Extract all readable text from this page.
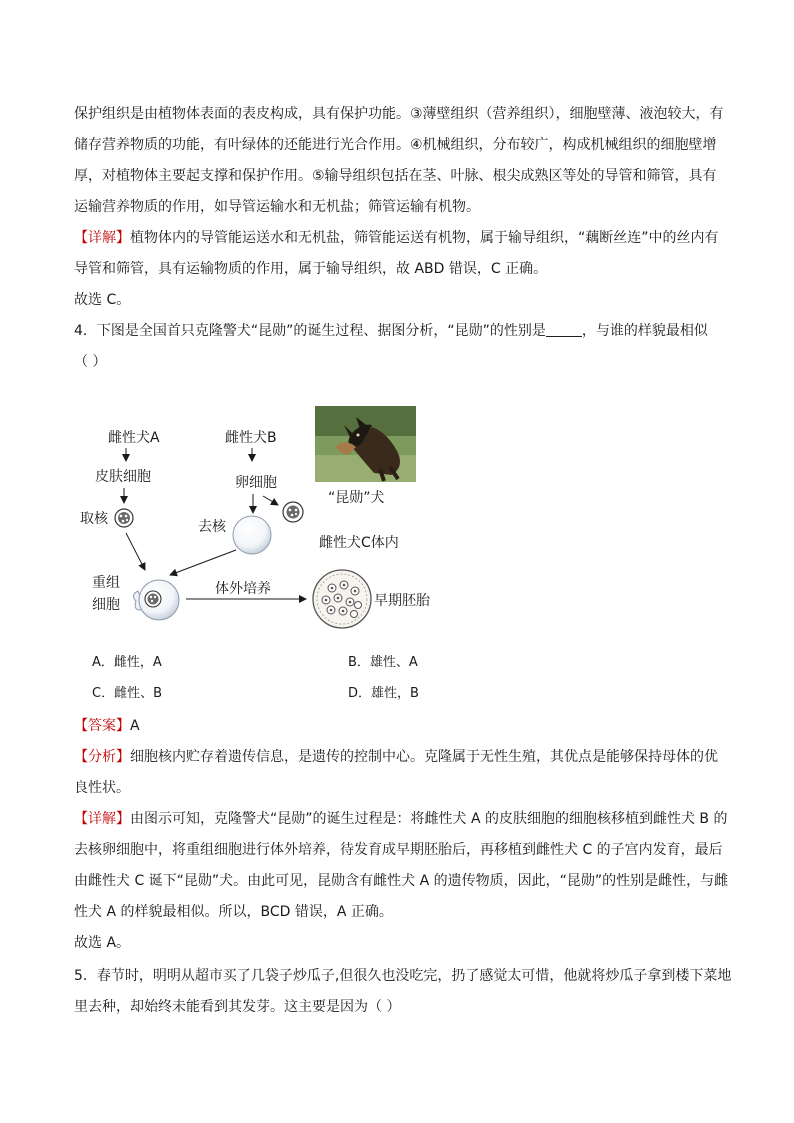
保护组织是由植物体表面的表皮构成，具有保护功能。③薄壁组织（营养组织），细胞壁薄、液泡较大，有
储存营养物质的功能，有叶绿体的还能进行光合作用。④机械组织，分布较广，构成机械组织的细胞壁增
厚，对植物体主要起支撑和保护作用。⑤输导组织包括在茎、叶脉、根尖成熟区等处的导管和筛管，具有
运输营养物质的作用，如导管运输水和无机盐；筛管运输有机物。
【详解】植物体内的导管能运送水和无机盐，筛管能运送有机物，属于输导组织，“藕断丝连”中的丝内有
导管和筛管，具有运输物质的作用，属于输导组织，故 ABD 错误，C 正确。
故选 C。
4．下图是全国首只克隆警犬“昆勋”的诞生过程、据图分析，“昆勋”的性别是	，与谁的样貌最相似
（ ）
雌性犬A
皮肤细胞
取核
雌性犬B
卵细胞
去核
“昆勋”犬
雌性犬C体内
重组
细胞
体外培养
早期胚胎
A．雌性，A	B．雄性、A
C．雌性、B	D．雄性，B
【答案】A
【分析】细胞核内贮存着遗传信息，是遗传的控制中心。克隆属于无性生殖，其优点是能够保持母体的优
良性状。
【详解】由图示可知，克隆警犬“昆勋”的诞生过程是：将雌性犬 A 的皮肤细胞的细胞核移植到雌性犬 B 的
去核卵细胞中，将重组细胞进行体外培养，待发育成早期胚胎后，再移植到雌性犬 C 的子宫内发育，最后
由雌性犬 C 诞下“昆勋”犬。由此可见，昆勋含有雌性犬 A 的遗传物质，因此，“昆勋”的性别是雌性，与雌
性犬 A 的样貌最相似。所以，BCD 错误，A 正确。
故选 A。
5．春节时，明明从超市买了几袋子炒瓜子,但很久也没吃完，扔了感觉太可惜，他就将炒瓜子拿到楼下菜地
里去种，却始终未能看到其发芽。这主要是因为（ ）
